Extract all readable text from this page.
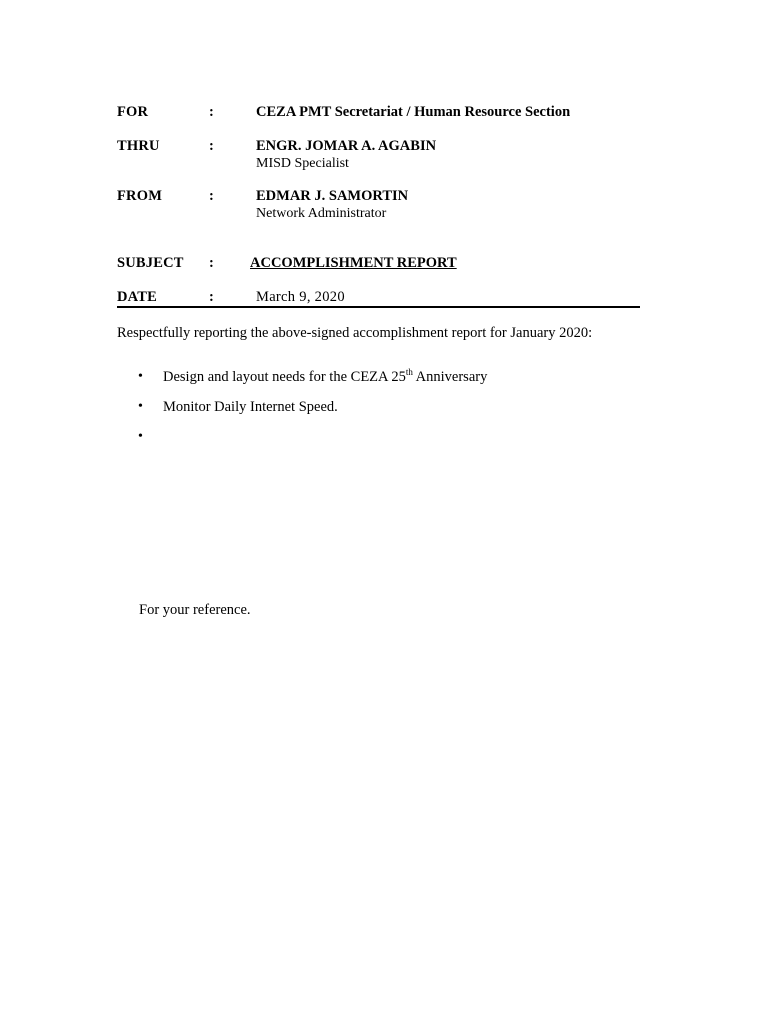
FOR	:	CEZA PMT Secretariat / Human Resource Section
THRU	:	ENGR. JOMAR A. AGABIN
MISD Specialist
FROM	:	EDMAR J. SAMORTIN
Network Administrator
SUBJECT : ACCOMPLISHMENT REPORT
DATE	:	March 9, 2020
Respectfully reporting the above-signed accomplishment report for January 2020:
•	Design and layout needs for the CEZA 25th Anniversary
•	Monitor Daily Internet Speed.
•
For your reference.
